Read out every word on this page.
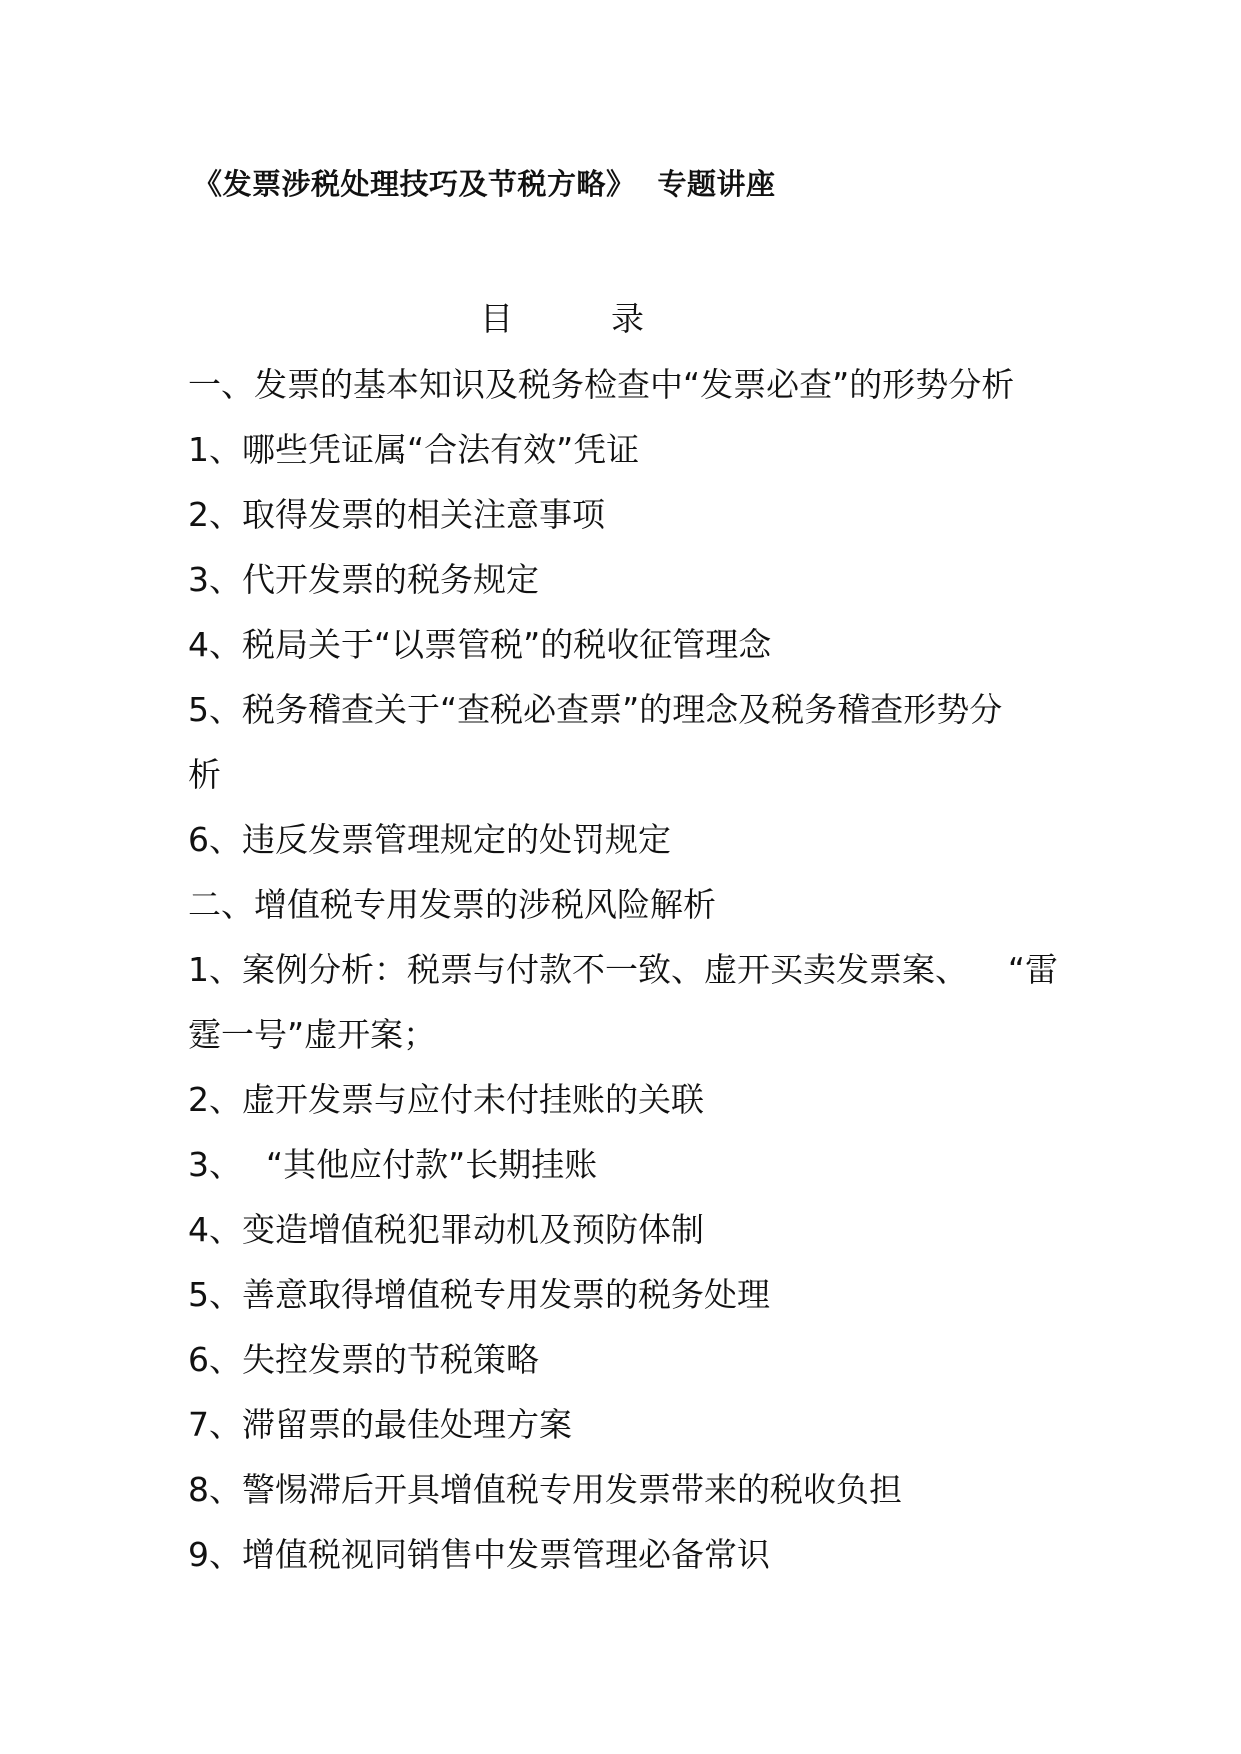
《发票涉税处理技巧及节税方略》 专题讲座
目	录
一、发票的基本知识及税务检查中“发票必查”的形势分析
1、哪些凭证属“合法有效”凭证
2、取得发票的相关注意事项
3、代开发票的税务规定
4、税局关于“以票管税”的税收征管理念
5、税务稽查关于“查税必查票”的理念及税务稽查形势分
析
6、违反发票管理规定的处罚规定
二、增值税专用发票的涉税风险解析
1、案例分析：税票与付款不一致、虚开买卖发票案、 “雷
霆一号”虚开案；
2、虚开发票与应付未付挂账的关联
3、 “其他应付款”长期挂账
4、变造增值税犯罪动机及预防体制
5、善意取得增值税专用发票的税务处理
6、失控发票的节税策略
7、滞留票的最佳处理方案
8、警惕滞后开具增值税专用发票带来的税收负担
9、增值税视同销售中发票管理必备常识
